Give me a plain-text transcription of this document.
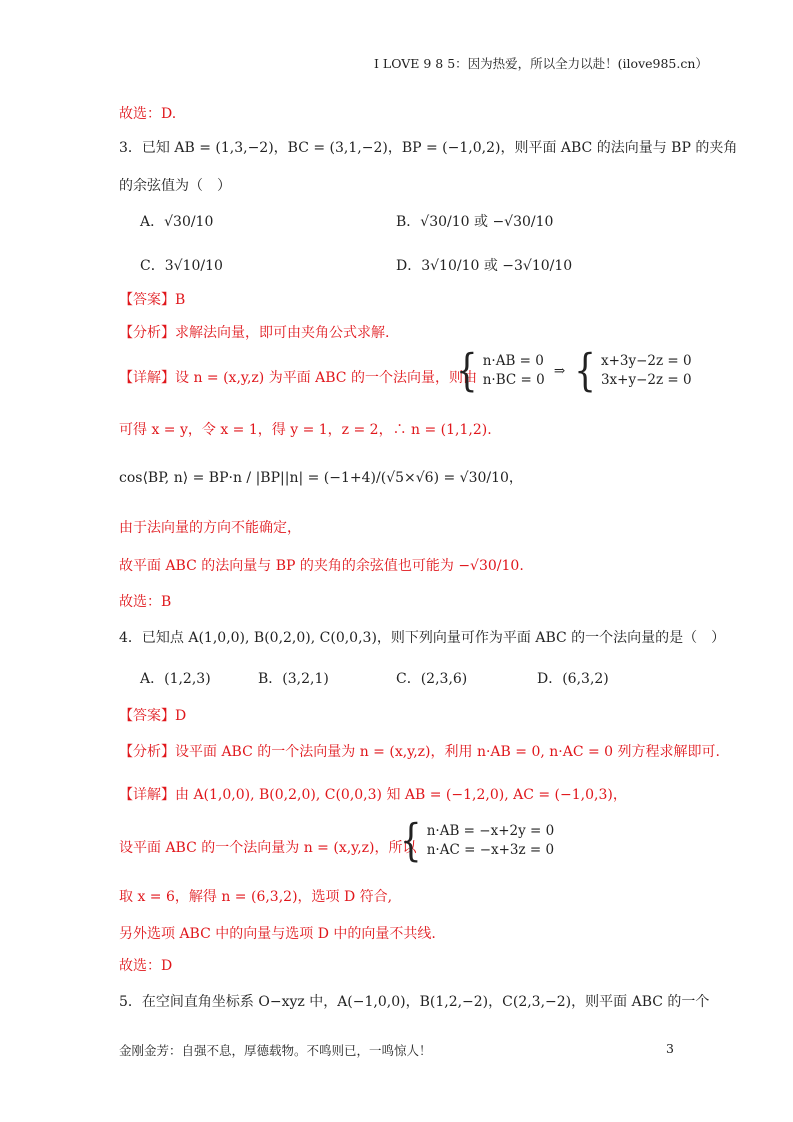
I LOVE 9 8 5：因为热爱，所以全力以赴！(ilove985.cn）
故选：D.
3．已知 AB = (1,3,−2)，BC = (3,1,−2)，BP = (−1,0,2)，则平面 ABC 的法向量与 BP 的夹角
的余弦值为（　）
A．√30/10	B．√30/10 或 −√30/10
C．3√10/10	D．3√10/10 或 −3√10/10
【答案】B
【分析】求解法向量，即可由夹角公式求解.
【详解】设 n = (x,y,z) 为平面 ABC 的一个法向量，则由
{ n·AB = 0
n·BC = 0
⇒ { x+3y−2z = 0
3x+y−2z = 0
可得 x = y，令 x = 1，得 y = 1，z = 2，∴ n = (1,1,2).
cos⟨BP, n⟩ = BP·n / |BP||n| = (−1+4)/(√5×√6) = √30/10，
由于法向量的方向不能确定，
故平面 ABC 的法向量与 BP 的夹角的余弦值也可能为 −√30/10.
故选：B
4．已知点 A(1,0,0), B(0,2,0), C(0,0,3)，则下列向量可作为平面 ABC 的一个法向量的是（　）
A．(1,2,3)	B．(3,2,1)	C．(2,3,6)	D．(6,3,2)
【答案】D
【分析】设平面 ABC 的一个法向量为 n = (x,y,z)，利用 n·AB = 0, n·AC = 0 列方程求解即可.
【详解】由 A(1,0,0), B(0,2,0), C(0,0,3) 知 AB = (−1,2,0), AC = (−1,0,3)，
设平面 ABC 的一个法向量为 n = (x,y,z)，所以
{ n·AB = −x+2y = 0
n·AC = −x+3z = 0
取 x = 6，解得 n = (6,3,2)，选项 D 符合,
另外选项 ABC 中的向量与选项 D 中的向量不共线.
故选：D
5．在空间直角坐标系 O−xyz 中，A(−1,0,0)，B(1,2,−2)，C(2,3,−2)，则平面 ABC 的一个
金刚金芳：自强不息，厚德载物。不鸣则已，一鸣惊人！	3
